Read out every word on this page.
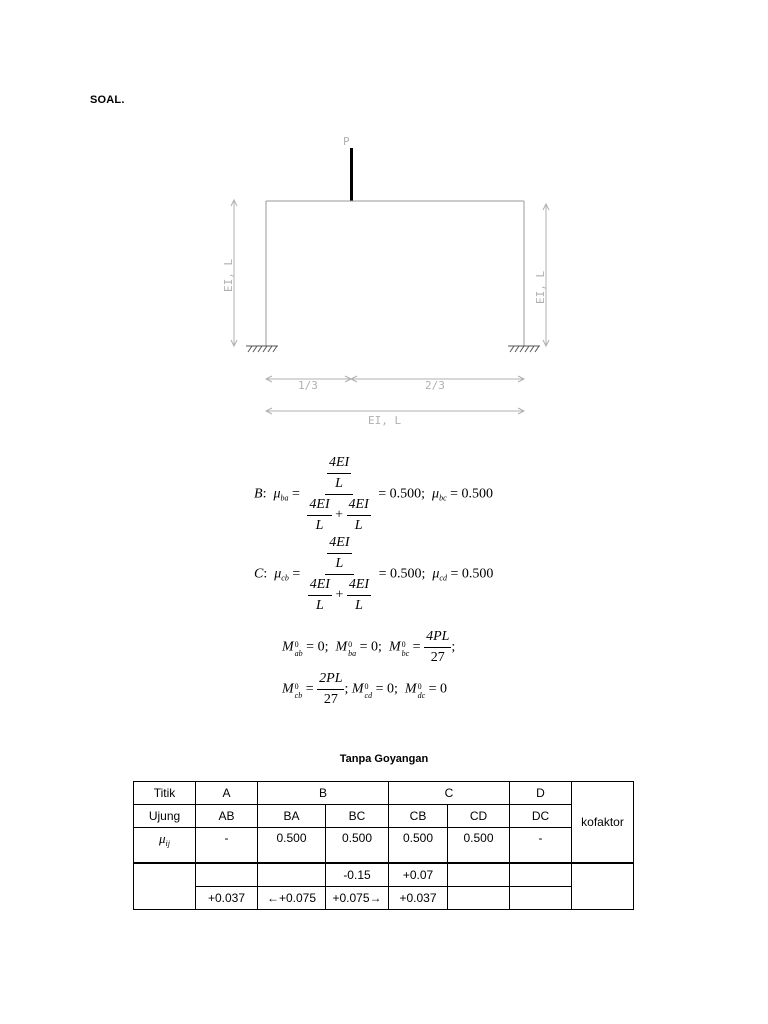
SOAL.
P
EI, L	EI, L
1/3	2/3
EI, L
B:  $\mu_{ba} = \frac{\frac{4EI}{L}}{\frac{4EI}{L} + \frac{4EI}{L}} = 0.500$; $\mu_{bc} = 0.500$
C:  $\mu_{cb} = \frac{\frac{4EI}{L}}{\frac{4EI}{L} + \frac{4EI}{L}} = 0.500$; $\mu_{cd} = 0.500$
M 0
ab = 0;  M 0
ba = 0;  M 0
bc = $\frac{4PL}{27}$ ;
M 0
cb = $\frac{2PL}{27}$ ; M 0
cd = 0;  M 0
dc = 0
Tanpa Goyangan
Titik	A	B		C		D	kofaktor
Ujung	AB	BA	BC	CB	CD	DC	
$\mu_{ij}$	-	0.500	0.500	0.500	0.500	-	
			-0.15	+0.07			
	+0.037	←+0.075	+0.075→	+0.037			
